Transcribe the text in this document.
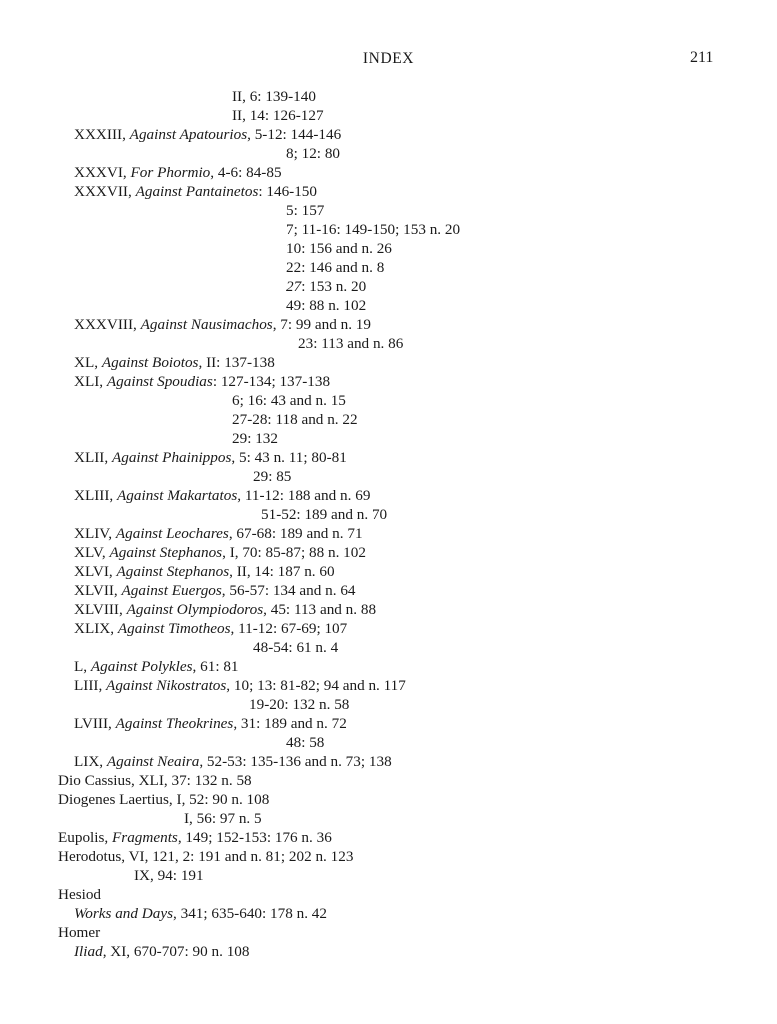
INDEX	211
II, 6: 139-140
II, 14: 126-127
XXXIII, Against Apatourios, 5-12: 144-146
8; 12: 80
XXXVI, For Phormio, 4-6: 84-85
XXXVII, Against Pantainetos: 146-150
5: 157
7; 11-16: 149-150; 153 n. 20
10: 156 and n. 26
22: 146 and n. 8
27: 153 n. 20
49: 88 n. 102
XXXVIII, Against Nausimachos, 7: 99 and n. 19
23: 113 and n. 86
XL, Against Boiotos, II: 137-138
XLI, Against Spoudias: 127-134; 137-138
6; 16: 43 and n. 15
27-28: 118 and n. 22
29: 132
XLII, Against Phainippos, 5: 43 n. 11; 80-81
29: 85
XLIII, Against Makartatos, 11-12: 188 and n. 69
51-52: 189 and n. 70
XLIV, Against Leochares, 67-68: 189 and n. 71
XLV, Against Stephanos, I, 70: 85-87; 88 n. 102
XLVI, Against Stephanos, II, 14: 187 n. 60
XLVII, Against Euergos, 56-57: 134 and n. 64
XLVIII, Against Olympiodoros, 45: 113 and n. 88
XLIX, Against Timotheos, 11-12: 67-69; 107
48-54: 61 n. 4
L, Against Polykles, 61: 81
LIII, Against Nikostratos, 10; 13: 81-82; 94 and n. 117
19-20: 132 n. 58
LVIII, Against Theokrines, 31: 189 and n. 72
48: 58
LIX, Against Neaira, 52-53: 135-136 and n. 73; 138
Dio Cassius, XLI, 37: 132 n. 58
Diogenes Laertius, I, 52: 90 n. 108
I, 56: 97 n. 5
Eupolis, Fragments, 149; 152-153: 176 n. 36
Herodotus, VI, 121, 2: 191 and n. 81; 202 n. 123
IX, 94: 191
Hesiod
Works and Days, 341; 635-640: 178 n. 42
Homer
Iliad, XI, 670-707: 90 n. 108
